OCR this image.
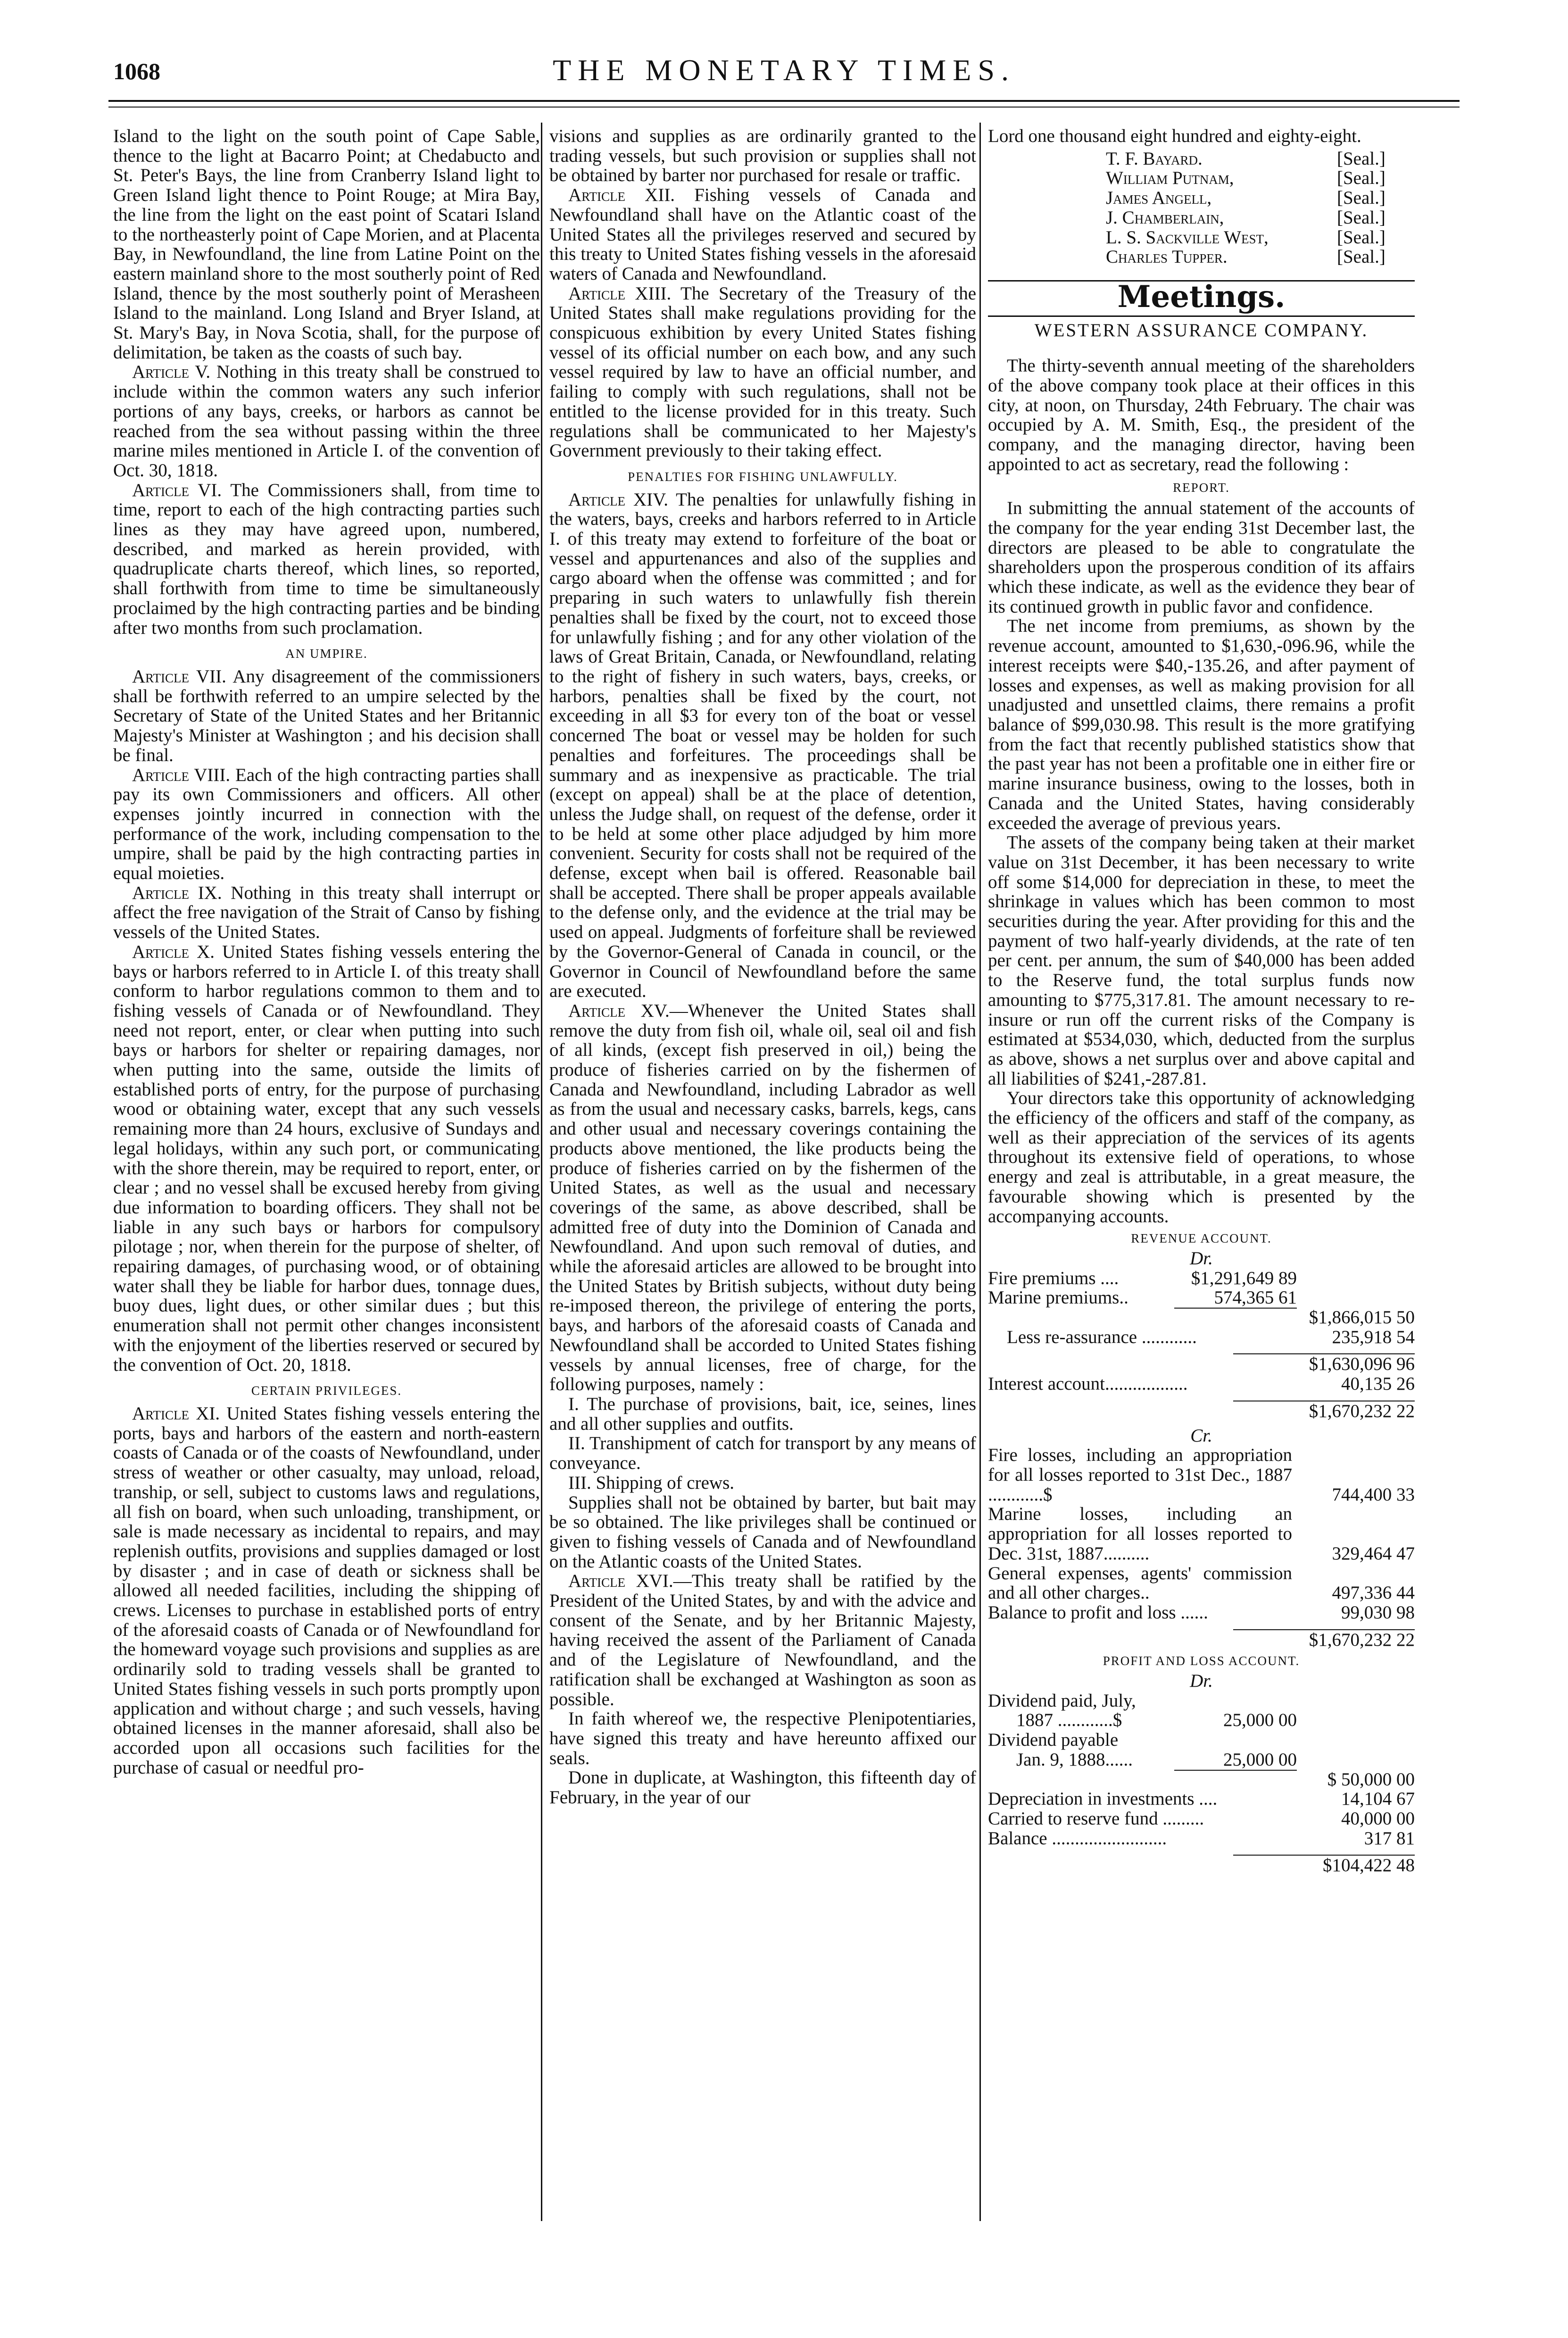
1068	THE MONETARY TIMES.

Island to the light on the south point of Cape Sable, thence to the light at Bacarro Point; at Chedabucto and St. Peter's Bays, the line from Cranberry Island light to Green Island light thence to Point Rouge; at Mira Bay, the line from the light on the east point of Scatari Island to the northeasterly point of Cape Morien, and at Placenta Bay, in Newfoundland, the line from Latine Point on the eastern mainland shore to the most southerly point of Red Island, thence by the most southerly point of Merasheen Island to the mainland. Long Island and Bryer Island, at St. Mary's Bay, in Nova Scotia, shall, for the purpose of delimitation, be taken as the coasts of such bay.

Article V. Nothing in this treaty shall be construed to include within the common waters any such inferior portions of any bays, creeks, or harbors as cannot be reached from the sea without passing within the three marine miles mentioned in Article I. of the convention of Oct. 30, 1818.

Article VI. The Commissioners shall, from time to time, report to each of the high contracting parties such lines as they may have agreed upon, numbered, described, and marked as herein provided, with quadruplicate charts thereof, which lines, so reported, shall forthwith from time to time be simultaneously proclaimed by the high contracting parties and be binding after two months from such proclamation.

AN UMPIRE.

Article VII. Any disagreement of the commissioners shall be forthwith referred to an umpire selected by the Secretary of State of the United States and her Britannic Majesty's Minister at Washington ; and his decision shall be final.

Article VIII. Each of the high contracting parties shall pay its own Commissioners and officers. All other expenses jointly incurred in connection with the performance of the work, including compensation to the umpire, shall be paid by the high contracting parties in equal moieties.

Article IX. Nothing in this treaty shall interrupt or affect the free navigation of the Strait of Canso by fishing vessels of the United States.

Article X. United States fishing vessels entering the bays or harbors referred to in Article I. of this treaty shall conform to harbor regulations common to them and to fishing vessels of Canada or of Newfoundland. They need not report, enter, or clear when putting into such bays or harbors for shelter or repairing damages, nor when putting into the same, outside the limits of established ports of entry, for the purpose of purchasing wood or obtaining water, except that any such vessels remaining more than 24 hours, exclusive of Sundays and legal holidays, within any such port, or communicating with the shore therein, may be required to report, enter, or clear ; and no vessel shall be excused hereby from giving due information to boarding officers. They shall not be liable in any such bays or harbors for compulsory pilotage ; nor, when therein for the purpose of shelter, of repairing damages, of purchasing wood, or of obtaining water shall they be liable for harbor dues, tonnage dues, buoy dues, light dues, or other similar dues ; but this enumeration shall not permit other changes inconsistent with the enjoyment of the liberties reserved or secured by the convention of Oct. 20, 1818.

CERTAIN PRIVILEGES.

Article XI. United States fishing vessels entering the ports, bays and harbors of the eastern and north-eastern coasts of Canada or of the coasts of Newfoundland, under stress of weather or other casualty, may unload, reload, tranship, or sell, subject to customs laws and regulations, all fish on board, when such unloading, transhipment, or sale is made necessary as incidental to repairs, and may replenish outfits, provisions and supplies damaged or lost by disaster ; and in case of death or sickness shall be allowed all needed facilities, including the shipping of crews. Licenses to purchase in established ports of entry of the aforesaid coasts of Canada or of Newfoundland for the homeward voyage such provisions and supplies as are ordinarily sold to trading vessels shall be granted to United States fishing vessels in such ports promptly upon application and without charge ; and such vessels, having obtained licenses in the manner aforesaid, shall also be accorded upon all occasions such facilities for the purchase of casual or needful pro-

visions and supplies as are ordinarily granted to the trading vessels, but such provision or supplies shall not be obtained by barter nor purchased for resale or traffic.

Article XII. Fishing vessels of Canada and Newfoundland shall have on the Atlantic coast of the United States all the privileges reserved and secured by this treaty to United States fishing vessels in the aforesaid waters of Canada and Newfoundland.

Article XIII. The Secretary of the Treasury of the United States shall make regulations providing for the conspicuous exhibition by every United States fishing vessel of its official number on each bow, and any such vessel required by law to have an official number, and failing to comply with such regulations, shall not be entitled to the license provided for in this treaty. Such regulations shall be communicated to her Majesty's Government previously to their taking effect.

PENALTIES FOR FISHING UNLAWFULLY.

Article XIV. The penalties for unlawfully fishing in the waters, bays, creeks and harbors referred to in Article I. of this treaty may extend to forfeiture of the boat or vessel and appurtenances and also of the supplies and cargo aboard when the offense was committed ; and for preparing in such waters to unlawfully fish therein penalties shall be fixed by the court, not to exceed those for unlawfully fishing ; and for any other violation of the laws of Great Britain, Canada, or Newfoundland, relating to the right of fishery in such waters, bays, creeks, or harbors, penalties shall be fixed by the court, not exceeding in all $3 for every ton of the boat or vessel concerned The boat or vessel may be holden for such penalties and forfeitures. The proceedings shall be summary and as inexpensive as practicable. The trial (except on appeal) shall be at the place of detention, unless the Judge shall, on request of the defense, order it to be held at some other place adjudged by him more convenient. Security for costs shall not be required of the defense, except when bail is offered. Reasonable bail shall be accepted. There shall be proper appeals available to the defense only, and the evidence at the trial may be used on appeal. Judgments of forfeiture shall be reviewed by the Governor-General of Canada in council, or the Governor in Council of Newfoundland before the same are executed.

Article XV.—Whenever the United States shall remove the duty from fish oil, whale oil, seal oil and fish of all kinds, (except fish preserved in oil,) being the produce of fisheries carried on by the fishermen of Canada and Newfoundland, including Labrador as well as from the usual and necessary casks, barrels, kegs, cans and other usual and necessary coverings containing the products above mentioned, the like products being the produce of fisheries carried on by the fishermen of the United States, as well as the usual and necessary coverings of the same, as above described, shall be admitted free of duty into the Dominion of Canada and Newfoundland. And upon such removal of duties, and while the aforesaid articles are allowed to be brought into the United States by British subjects, without duty being re-imposed thereon, the privilege of entering the ports, bays, and harbors of the aforesaid coasts of Canada and Newfoundland shall be accorded to United States fishing vessels by annual licenses, free of charge, for the following purposes, namely :

I. The purchase of provisions, bait, ice, seines, lines and all other supplies and outfits.

II. Transhipment of catch for transport by any means of conveyance.

III. Shipping of crews.

Supplies shall not be obtained by barter, but bait may be so obtained. The like privileges shall be continued or given to fishing vessels of Canada and of Newfoundland on the Atlantic coasts of the United States.

Article XVI.—This treaty shall be ratified by the President of the United States, by and with the advice and consent of the Senate, and by her Britannic Majesty, having received the assent of the Parliament of Canada and of the Legislature of Newfoundland, and the ratification shall be exchanged at Washington as soon as possible.

In faith whereof we, the respective Plenipotentiaries, have signed this treaty and have hereunto affixed our seals.

Done in duplicate, at Washington, this fifteenth day of February, in the year of our

Lord one thousand eight hundred and eighty-eight.

T. F. Bayard.	[Seal.]
William Putnam,	[Seal.]
James Angell,	[Seal.]
J. Chamberlain,	[Seal.]
L. S. Sackville West,	[Seal.]
Charles Tupper.	[Seal.]
Meetings.
WESTERN ASSURANCE COMPANY.

The thirty-seventh annual meeting of the shareholders of the above company took place at their offices in this city, at noon, on Thursday, 24th February. The chair was occupied by A. M. Smith, Esq., the president of the company, and the managing director, having been appointed to act as secretary, read the following :

REPORT.

In submitting the annual statement of the accounts of the company for the year ending 31st December last, the directors are pleased to be able to congratulate the shareholders upon the prosperous condition of its affairs which these indicate, as well as the evidence they bear of its continued growth in public favor and confidence.

The net income from premiums, as shown by the revenue account, amounted to $1,630,-096.96, while the interest receipts were $40,-135.26, and after payment of losses and expenses, as well as making provision for all unadjusted and unsettled claims, there remains a profit balance of $99,030.98. This result is the more gratifying from the fact that recently published statistics show that the past year has not been a profitable one in either fire or marine insurance business, owing to the losses, both in Canada and the United States, having considerably exceeded the average of previous years.

The assets of the company being taken at their market value on 31st December, it has been necessary to write off some $14,000 for depreciation in these, to meet the shrinkage in values which has been common to most securities during the year. After providing for this and the payment of two half-yearly dividends, at the rate of ten per cent. per annum, the sum of $40,000 has been added to the Reserve fund, the total surplus funds now amounting to $775,317.81. The amount necessary to re-insure or run off the current risks of the Company is estimated at $534,030, which, deducted from the surplus as above, shows a net surplus over and above capital and all liabilities of $241,-287.81.

Your directors take this opportunity of acknowledging the efficiency of the officers and staff of the company, as well as their appreciation of the services of its agents throughout its extensive field of operations, to whose energy and zeal is attributable, in a great measure, the favourable showing which is presented by the accompanying accounts.

REVENUE ACCOUNT.
Dr.
Fire premiums ....	$1,291,649 89
Marine premiums..	574,365 61
$1,866,015 50
Less re-assurance ............	235,918 54
$1,630,096 96
Interest account..................	40,135 26
$1,670,232 22
Cr.
Fire losses, including an appropriation for all losses reported to 31st Dec., 1887 ............$	744,400 33
Marine losses, including an appropriation for all losses reported to Dec. 31st, 1887..........	329,464 47
General expenses, agents' commission and all other charges..	497,336 44
Balance to profit and loss ......	99,030 98
$1,670,232 22
PROFIT AND LOSS ACCOUNT.
Dr.
Dividend paid, July,
1887 ............$	25,000 00
Dividend payable
Jan. 9, 1888......	25,000 00
$ 50,000 00
Depreciation in investments ....	14,104 67
Carried to reserve fund .........	40,000 00
Balance .........................	317 81
$104,422 48
